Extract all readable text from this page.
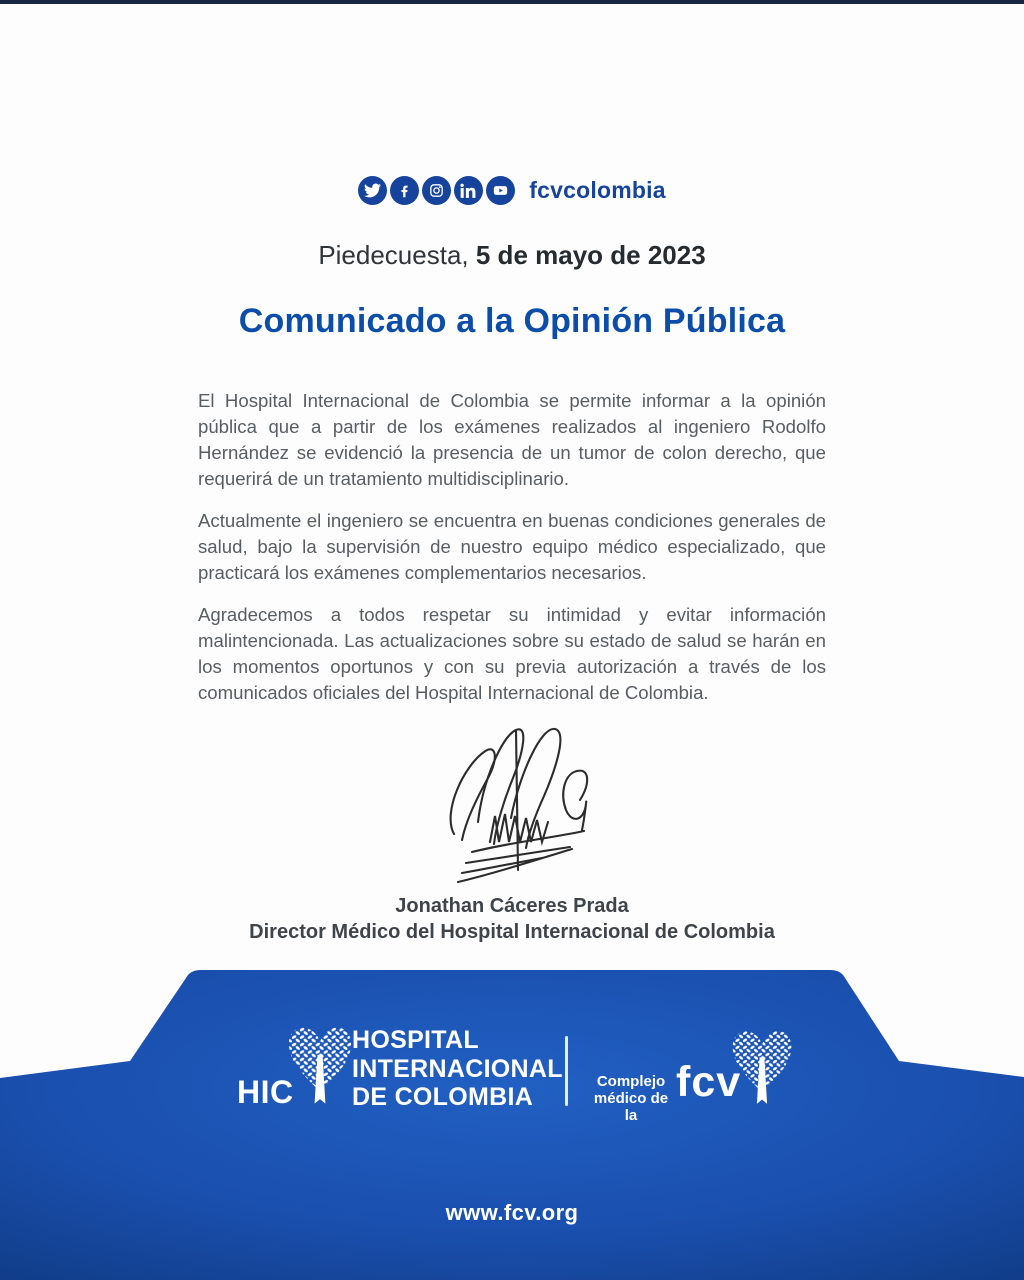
fcvcolombia
Piedecuesta, 5 de mayo de 2023
Comunicado a la Opinión Pública

El Hospital Internacional de Colombia se permite informar a la opinión pública que a partir de los exámenes realizados al ingeniero Rodolfo Hernández se evidenció la presencia de un tumor de colon derecho, que requerirá de un tratamiento multidisciplinario.

Actualmente el ingeniero se encuentra en buenas condiciones generales de salud, bajo la supervisión de nuestro equipo médico especializado, que practicará los exámenes complementarios necesarios.

Agradecemos a todos respetar su intimidad y evitar información malintencionada. Las actualizaciones sobre su estado de salud se harán en los momentos oportunos y con su previa autorización a través de los comunicados oficiales del Hospital Internacional de Colombia.

Jonathan Cáceres Prada
Director Médico del Hospital Internacional de Colombia
HIC
HOSPITAL
INTERNACIONAL
DE COLOMBIA
Complejo
médico de la
fcv
www.fcv.org
